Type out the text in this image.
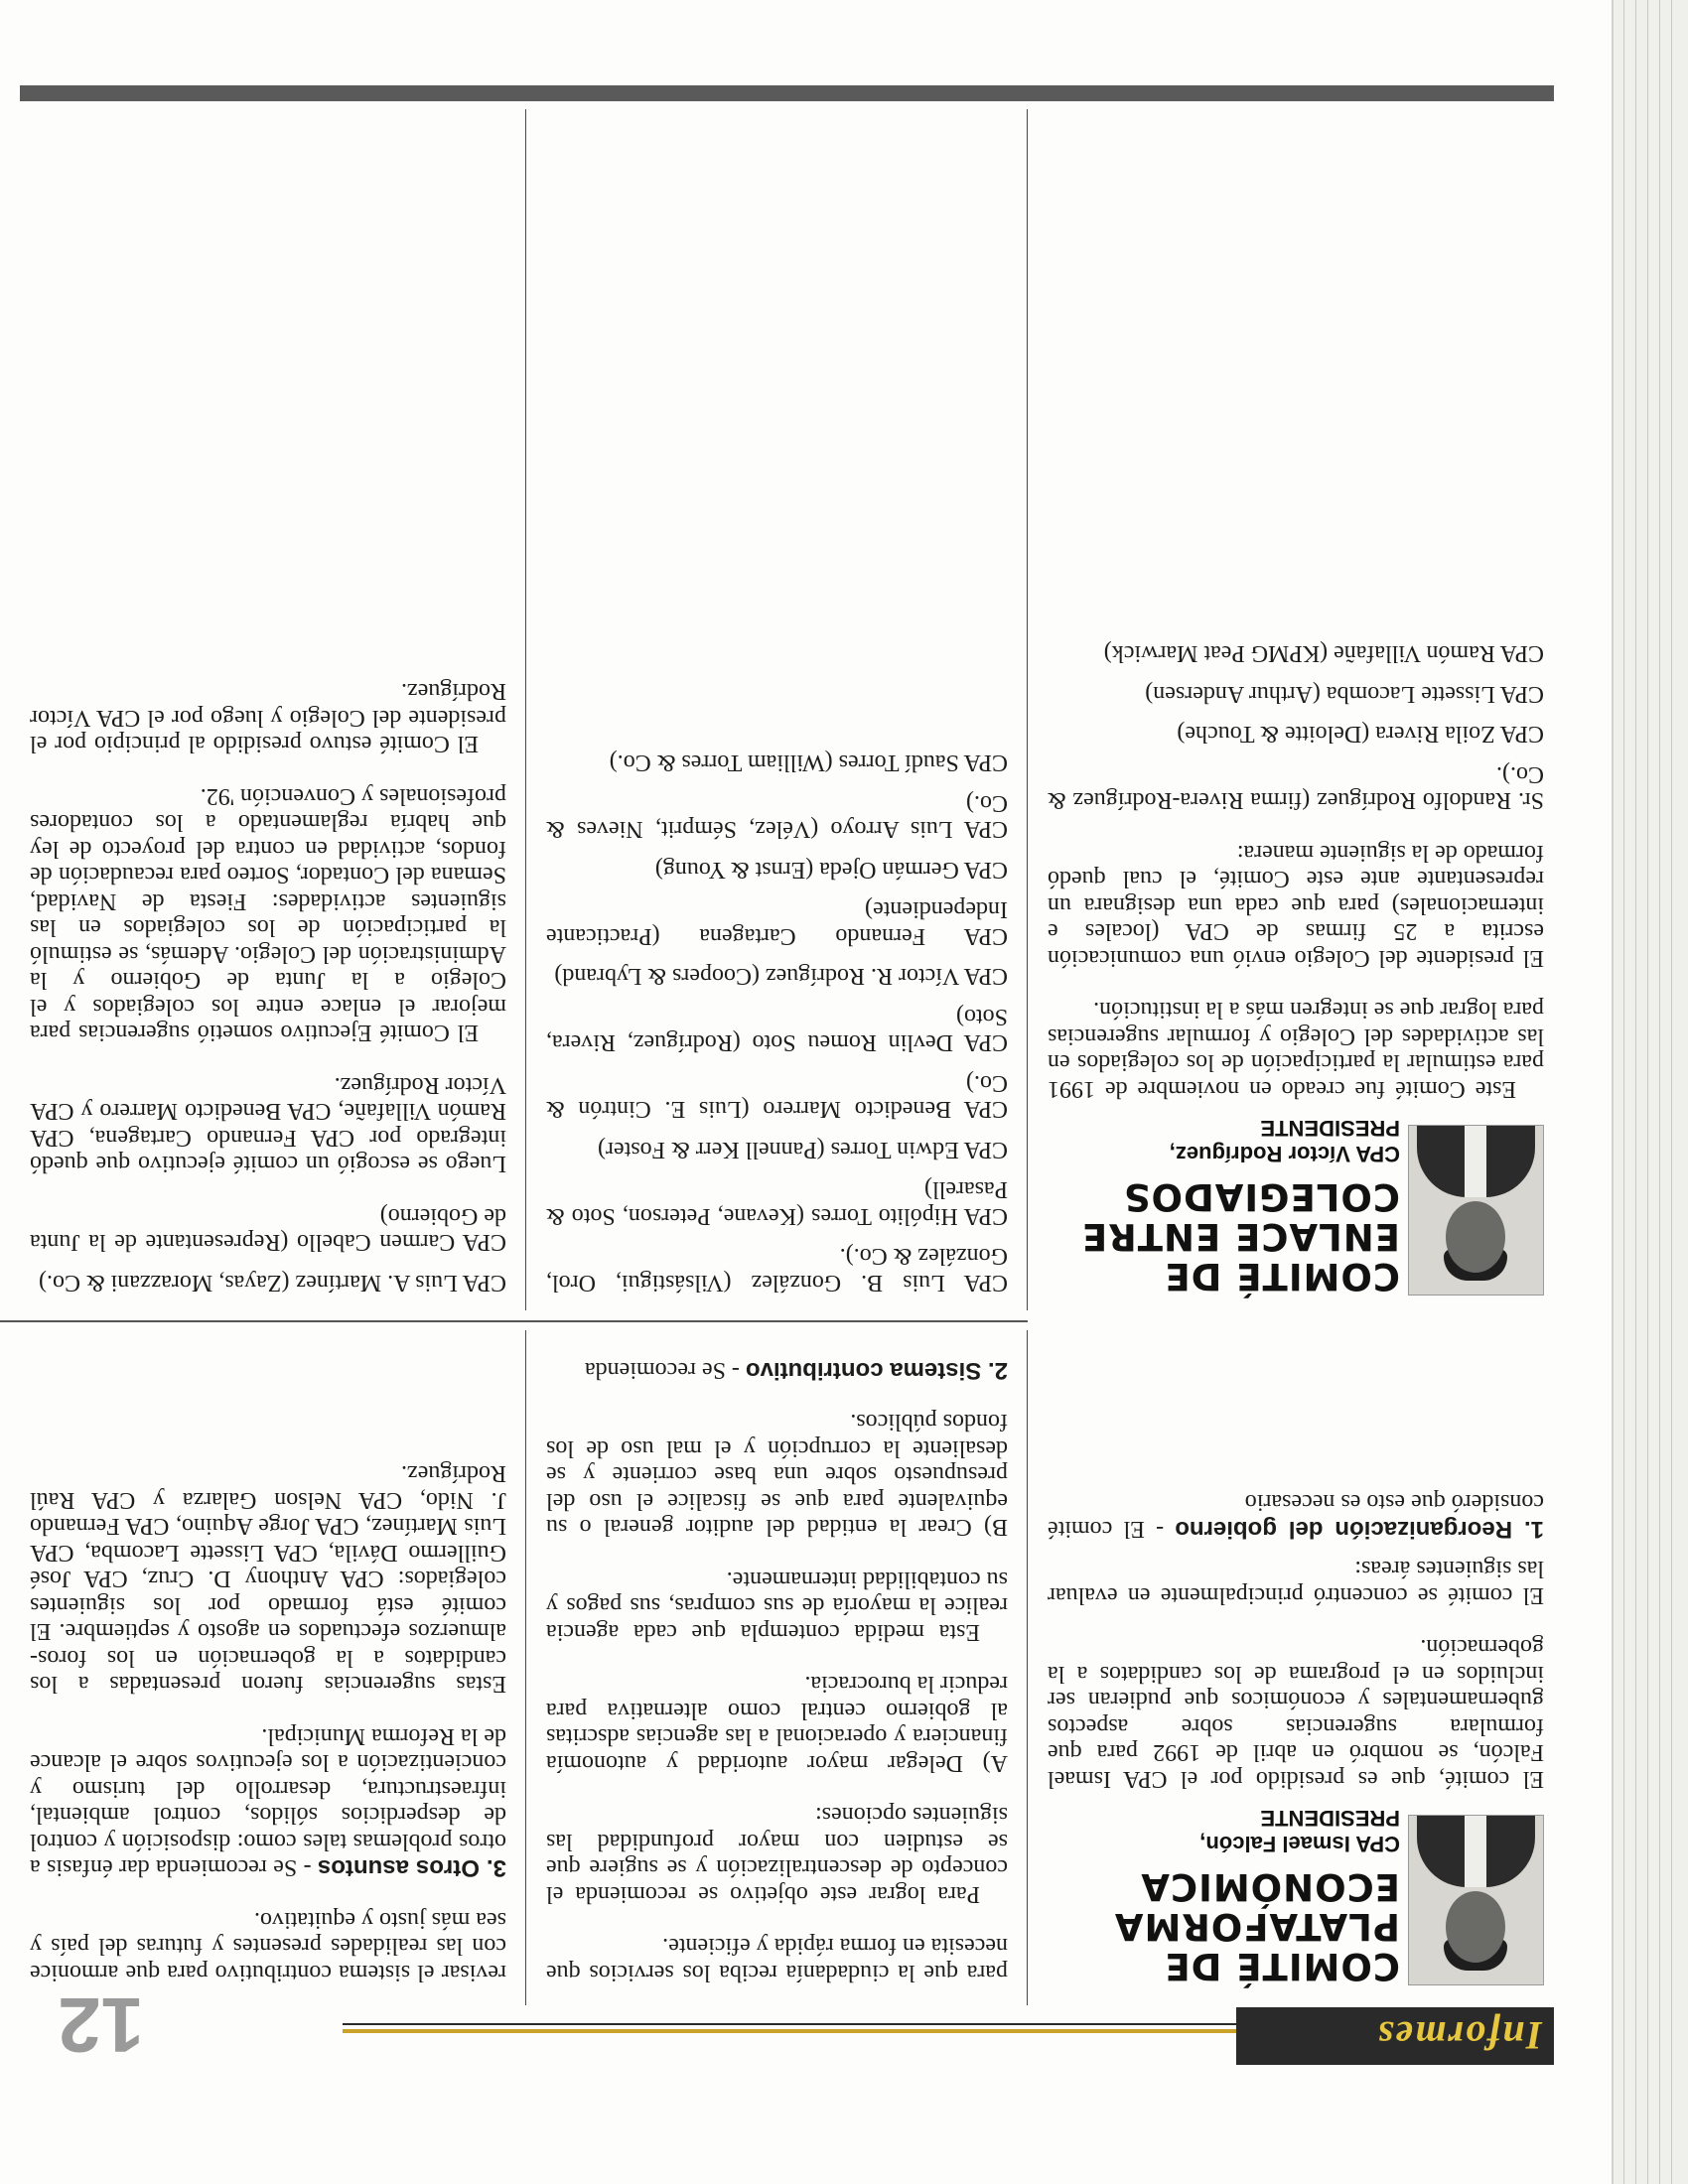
Informes
12
COMITÉ DE
PLATAFORMA
ECONÓMICA
CPA Ismael Falcón,
PRESIDENTE

El comité, que es presidido por el CPA Ismael Falcón, se nombró en abril de 1992 para que formulara sugerencias sobre aspectos gubernamentales y económicos que pudieran ser incluidos en el programa de los candidatos a la gobernación.

El comité se concentró principalmente en evaluar las siguientes áreas:

1. Reorganización del gobierno - El comité consideró que esto es necesario

para que la ciudadanía reciba los servicios que necesita en forma rápida y eficiente.

Para lograr este objetivo se recomienda el concepto de descentralización y se sugiere que se estudien con mayor profundidad las siguientes opciones:

A) Delegar mayor autoridad y autonomía financiera y operacional a las agencias adscritas al gobierno central como alternativa para reducir la burocracia.

Esta medida contempla que cada agencia realice la mayoría de sus compras, sus pagos y su contabilidad internamente.

B) Crear la entidad del auditor general o su equivalente para que se fiscalice el uso del presupuesto sobre una base corriente y se desaliente la corrupción y el mal uso de los fondos públicos.

2. Sistema contributivo - Se recomienda

revisar el sistema contributivo para que armonice con las realidades presentes y futuras del país y sea más justo y equitativo.

3. Otros asuntos - Se recomienda dar énfasis a otros problemas tales como: disposición y control de desperdicios sólidos, control ambiental, infraestructura, desarrollo del turismo y concientización a los ejecutivos sobre el alcance de la Reforma Municipal.

Estas sugerencias fueron presentadas a los candidatos a la gobernación en los foros-almuerzos efectuados en agosto y septiembre. El comité está formado por los siguientes colegiados: CPA Anthony D. Cruz, CPA José Guillermo Dávila, CPA Lissette Lacomba, CPA Luis Martínez, CPA Jorge Aquino, CPA Fernando J. Nido, CPA Nelson Galarza y CPA Raúl Rodríguez.

COMITÉ DE
ENLACE ENTRE
COLEGIADOS
CPA Víctor Rodríguez,
PRESIDENTE

Este Comité fue creado en noviembre de 1991 para estimular la participación de los colegiados en las actividades del Colegio y formular sugerencias para lograr que se integren más a la institución.

El presidente del Colegio envió una comunicación escrita a 25 firmas de CPA (locales e internacionales) para que cada una designara un representante ante este Comité, el cual quedó formado de la siguiente manera:

Sr. Randolfo Rodríguez (firma Rivera-Rodríguez & Co.).

CPA Zoila Rivera (Deloitte & Touche)

CPA Lissette Lacomba (Arthur Andersen)

CPA Ramón Villafañe (KPMG Peat Marwick)

CPA Luis B. González (Vilsástigui, Orol, González & Co.).

CPA Hipólito Torres (Kevane, Peterson, Soto & Pasarell)

CPA Edwin Torres (Pannell Kerr & Foster)

CPA Benedicto Marrero (Luis E. Cintrón & Co.)

CPA Devlin Romeu Soto (Rodríguez, Rivera, Soto)

CPA Víctor R. Rodríguez (Coopers & Lybrand)

CPA Fernando Cartagena (Practicante Independiente)

CPA Germán Ojeda (Ernst & Young)

CPA Luis Arroyo (Vélez, Sémprit, Nieves & Co.)

CPA Saudí Torres (William Torres & Co.)

CPA Luis A. Martínez (Zayas, Morazzani & Co.)

CPA Carmen Cabello (Representante de la Junta de Gobierno)

Luego se escogió un comité ejecutivo que quedó integrado por CPA Fernando Cartagena, CPA Ramón Villafañe, CPA Benedicto Marrero y CPA Víctor Rodríguez.

El Comité Ejecutivo sometió sugerencias para mejorar el enlace entre los colegiados y el Colegio a la Junta de Gobierno y la Administración del Colegio. Además, se estimuló la participación de los colegiados en las siguientes actividades: Fiesta de Navidad, Semana del Contador, Sorteo para recaudación de fondos, actividad en contra del proyecto de ley que habría reglamentado a los contadores profesionales y Convención '92.

El Comité estuvo presidido al principio por el presidente del Colegio y luego por el CPA Víctor Rodríguez.
